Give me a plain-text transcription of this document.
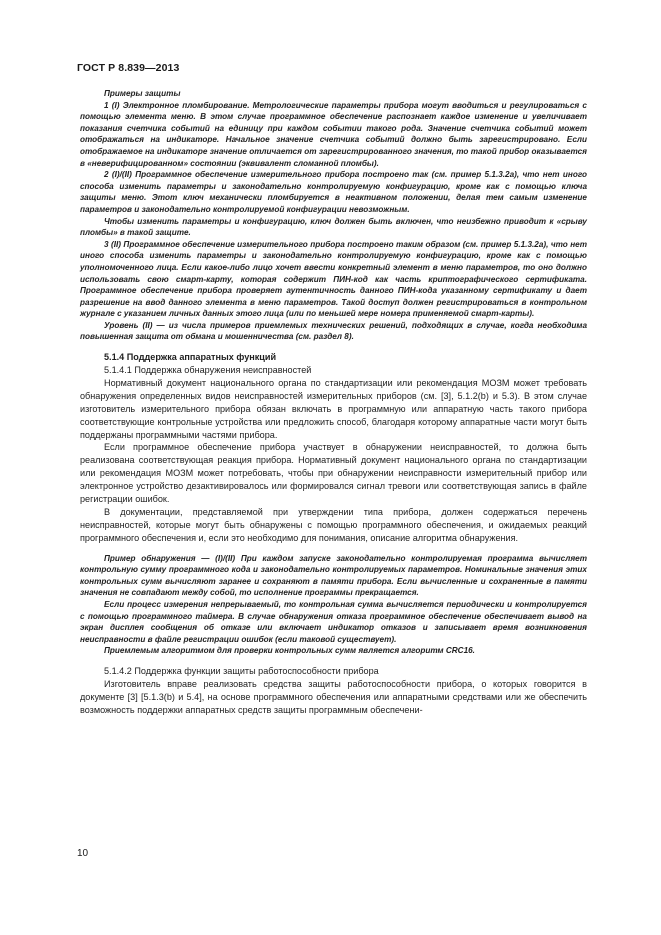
ГОСТ Р 8.839—2013

Примеры защиты

1 (I) Электронное пломбирование. Метрологические параметры прибора могут вводиться и регулироваться с помощью элемента меню. В этом случае программное обеспечение распознает каждое изменение и увеличивает показания счетчика событий на единицу при каждом событии такого рода. Значение счетчика событий может отображаться на индикаторе. Начальное значение счетчика событий должно быть зарегистрировано. Если отображаемое на индикаторе значение отличается от зарегистрированного значения, то такой прибор оказывается в «неверифицированном» состоянии (эквивалент сломанной пломбы).

2 (I)/(II) Программное обеспечение измерительного прибора построено так (см. пример 5.1.3.2а), что нет иного способа изменить параметры и законодательно контролируемую конфигурацию, кроме как с помощью ключа защиты меню. Этот ключ механически пломбируется в неактивном положении, делая тем самым изменение параметров и законодательно контролируемой конфигурации невозможным.

Чтобы изменить параметры и конфигурацию, ключ должен быть включен, что неизбежно приводит к «срыву пломбы» в такой защите.

3 (II) Программное обеспечение измерительного прибора построено таким образом (см. пример 5.1.3.2а), что нет иного способа изменить параметры и законодательно контролируемую конфигурацию, кроме как с помощью уполномоченного лица. Если какое-либо лицо хочет ввести конкретный элемент в меню параметров, то оно должно использовать свою смарт-карту, которая содержит ПИН-код как часть криптографического сертификата. Программное обеспечение прибора проверяет аутентичность данного ПИН-кода указанному сертификату и дает разрешение на ввод данного элемента в меню параметров. Такой доступ должен регистрироваться в контрольном журнале с указанием личных данных этого лица (или по меньшей мере номера применяемой смарт-карты).

Уровень (II) — из числа примеров приемлемых технических решений, подходящих в случае, когда необходима повышенная защита от обмана и мошенничества (см. раздел 8).

5.1.4 Поддержка аппаратных функций

5.1.4.1 Поддержка обнаружения неисправностей

Нормативный документ национального органа по стандартизации или рекомендация МОЗМ может требовать обнаружения определенных видов неисправностей измерительных приборов (см. [3], 5.1.2(b) и 5.3). В этом случае изготовитель измерительного прибора обязан включать в программную или аппаратную часть такого прибора соответствующие контрольные устройства или предложить способ, благодаря которому аппаратные части могут быть поддержаны программными частями прибора.

Если программное обеспечение прибора участвует в обнаружении неисправностей, то должна быть реализована соответствующая реакция прибора. Нормативный документ национального органа по стандартизации или рекомендация МОЗМ может потребовать, чтобы при обнаружении неисправности измерительный прибор или электронное устройство дезактивировалось или формировался сигнал тревоги или соответствующая запись в файле регистрации ошибок.

В документации, представляемой при утверждении типа прибора, должен содержаться перечень неисправностей, которые могут быть обнаружены с помощью программного обеспечения, и ожидаемых реакций программного обеспечения и, если это необходимо для понимания, описание алгоритма обнаружения.

Пример обнаружения — (I)/(II) При каждом запуске законодательно контролируемая программа вычисляет контрольную сумму программного кода и законодательно контролируемых параметров. Номинальные значения этих контрольных сумм вычисляют заранее и сохраняют в памяти прибора. Если вычисленные и сохраненные в памяти значения не совпадают между собой, то исполнение программы прекращается.

Если процесс измерения непрерываемый, то контрольная сумма вычисляется периодически и контролируется с помощью программного таймера. В случае обнаружения отказа программное обеспечение обеспечивает вывод на экран дисплея сообщения об отказе или включает индикатор отказов и записывает время возникновения неисправности в файле регистрации ошибок (если таковой существует).

Приемлемым алгоритмом для проверки контрольных сумм является алгоритм CRC16.

5.1.4.2 Поддержка функции защиты работоспособности прибора

Изготовитель вправе реализовать средства защиты работоспособности прибора, о которых говорится в документе [3] [5.1.3(b) и 5.4], на основе программного обеспечения или аппаратными средствами или же обеспечить возможность поддержки аппаратных средств защиты программным обеспечени-

10
